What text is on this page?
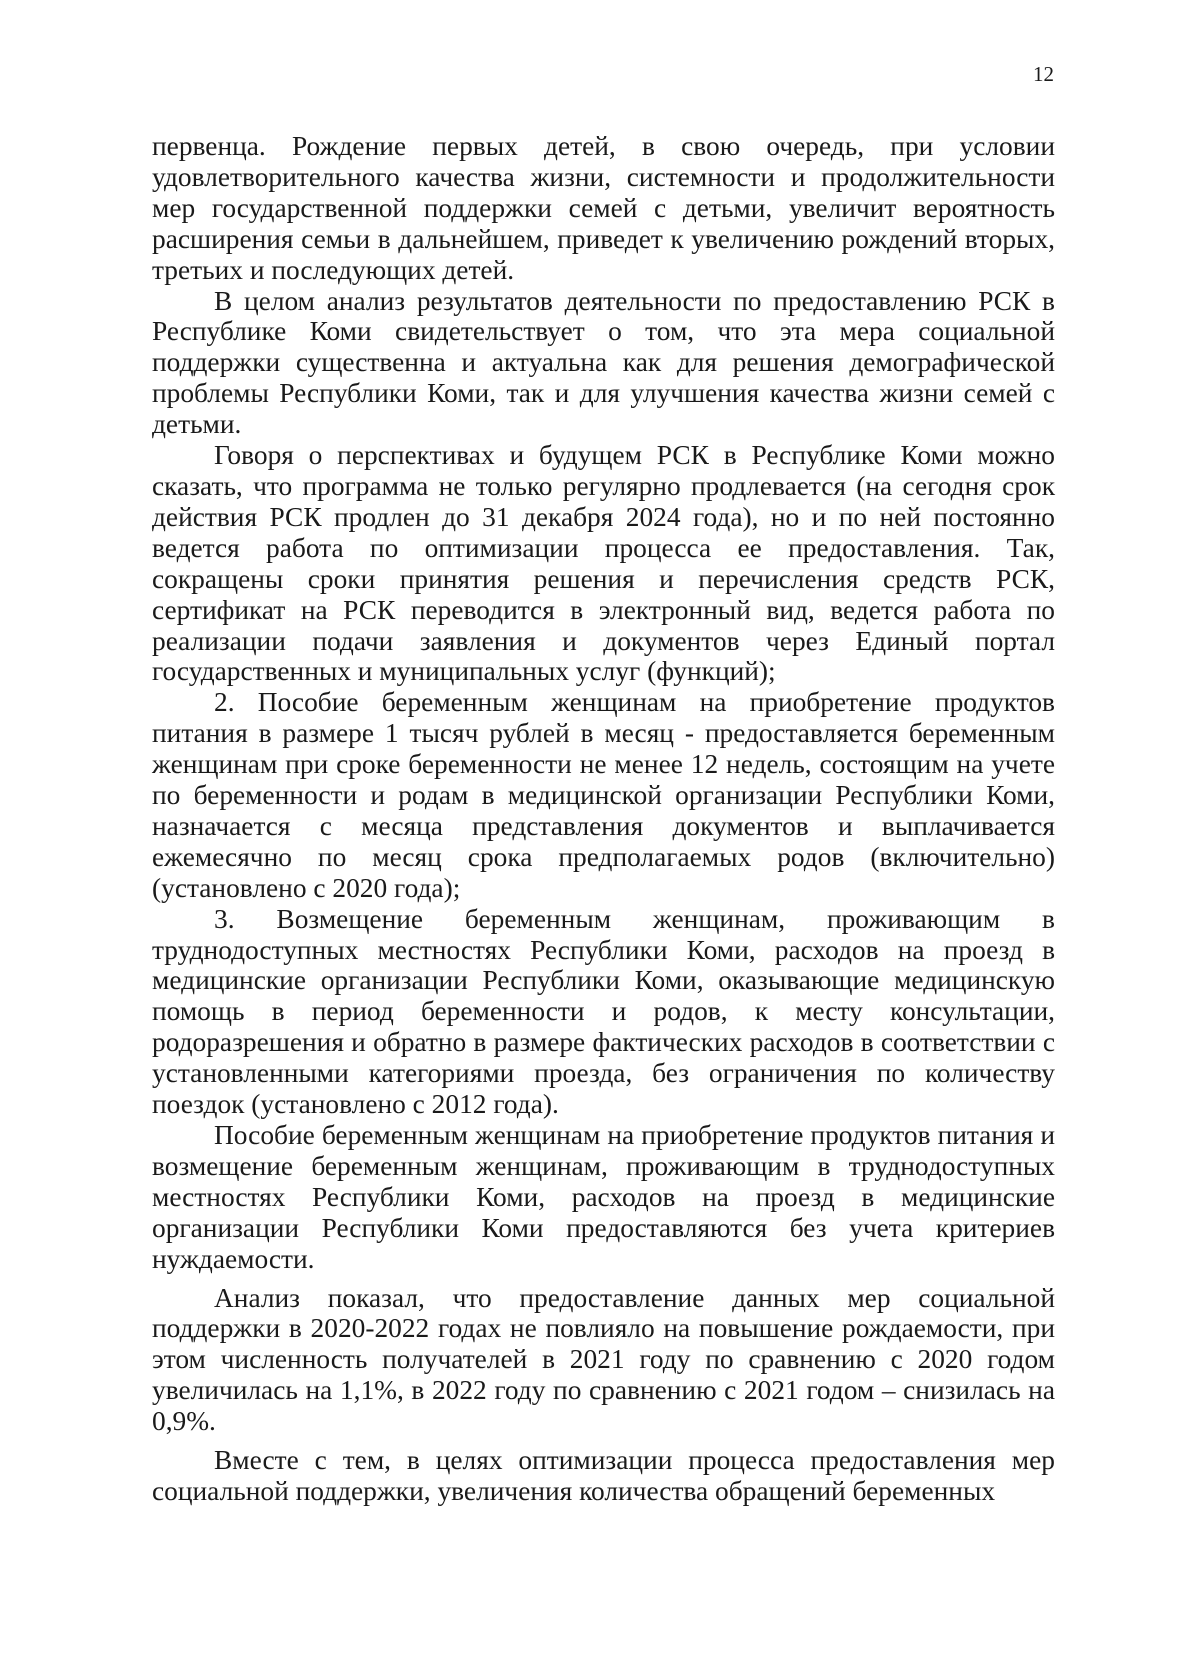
12

первенца. Рождение первых детей, в свою очередь, при условии удовлетворительного качества жизни, системности и продолжительности мер государственной поддержки семей с детьми, увеличит вероятность расширения семьи в дальнейшем, приведет к увеличению рождений вторых, третьих и последующих детей.

В целом анализ результатов деятельности по предоставлению РСК в Республике Коми свидетельствует о том, что эта мера социальной поддержки существенна и актуальна как для решения демографической проблемы Республики Коми, так и для улучшения качества жизни семей с детьми.

Говоря о перспективах и будущем РСК в Республике Коми можно сказать, что программа не только регулярно продлевается (на сегодня срок действия РСК продлен до 31 декабря 2024 года), но и по ней постоянно ведется работа по оптимизации процесса ее предоставления. Так, сокращены сроки принятия решения и перечисления средств РСК, сертификат на РСК переводится в электронный вид, ведется работа по реализации подачи заявления и документов через Единый портал государственных и муниципальных услуг (функций);

2. Пособие беременным женщинам на приобретение продуктов питания в размере 1 тысяч рублей в месяц - предоставляется беременным женщинам при сроке беременности не менее 12 недель, состоящим на учете по беременности и родам в медицинской организации Республики Коми, назначается с месяца представления документов и выплачивается ежемесячно по месяц срока предполагаемых родов (включительно) (установлено с 2020 года);

3. Возмещение беременным женщинам, проживающим в труднодоступных местностях Республики Коми, расходов на проезд в медицинские организации Республики Коми, оказывающие медицинскую помощь в период беременности и родов, к месту консультации, родоразрешения и обратно в размере фактических расходов в соответствии с установленными категориями проезда, без ограничения по количеству поездок (установлено с 2012 года).

Пособие беременным женщинам на приобретение продуктов питания и возмещение беременным женщинам, проживающим в труднодоступных местностях Республики Коми, расходов на проезд в медицинские организации Республики Коми предоставляются без учета критериев нуждаемости.

Анализ показал, что предоставление данных мер социальной поддержки в 2020-2022 годах не повлияло на повышение рождаемости, при этом численность получателей в 2021 году по сравнению с 2020 годом увеличилась на 1,1%, в 2022 году по сравнению с 2021 годом – снизилась на 0,9%.

Вместе с тем, в целях оптимизации процесса предоставления мер социальной поддержки, увеличения количества обращений беременных
